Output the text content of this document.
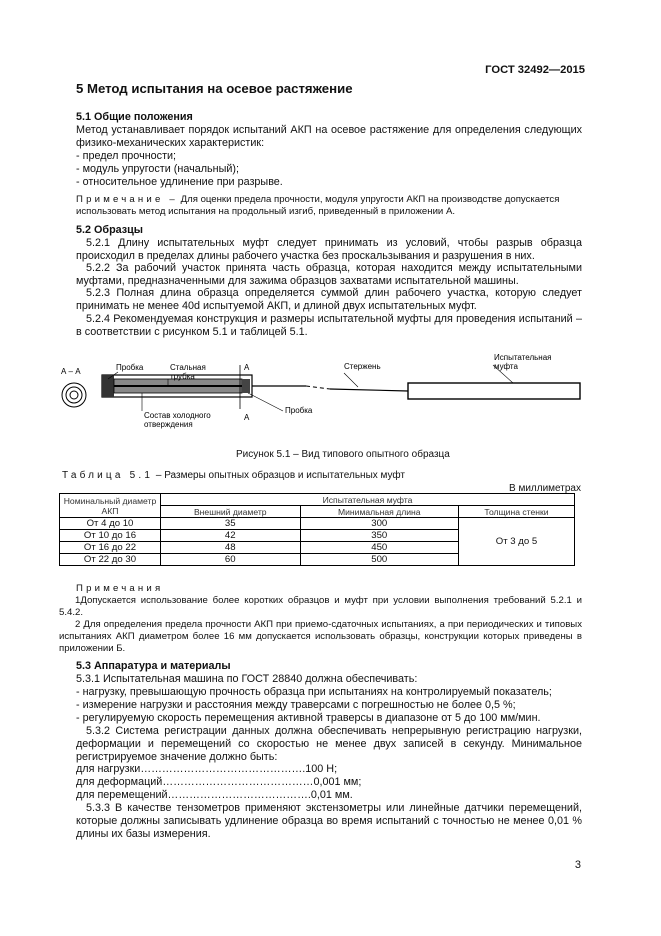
ГОСТ 32492—2015
5 Метод испытания на осевое растяжение
5.1 Общие положения
Метод устанавливает порядок испытаний АКП на осевое растяжение для определения следующих физико-механических характеристик:
- предел прочности;
- модуль упругости (начальный);
- относительное удлинение при разрыве.
Примечание – Для оценки предела прочности, модуля упругости АКП на производстве допускается использовать метод испытания на продольный изгиб, приведенный в приложении А.
5.2 Образцы
5.2.1 Длину испытательных муфт следует принимать из условий, чтобы разрыв образца происходил в пределах длины рабочего участка без проскальзывания и разрушения в них.
5.2.2 За рабочий участок принята часть образца, которая находится между испытательными муфтами, предназначенными для зажима образцов захватами испытательной машины.
5.2.3 Полная длина образца определяется суммой длин рабочего участка, которую следует принимать не менее 40d испытуемой АКП, и длиной двух испытательных муфт.
5.2.4 Рекомендуемая конструкция и размеры испытательной муфты для проведения испытаний – в соответствии с рисунком 5.1 и таблицей 5.1.
А – А	А
А
Пробка	Стальная
трубка
Состав холодного
отверждения
Пробка
Стержень
Испытательная
муфта
Рисунок 5.1 – Вид типового опытного образца
Таблица 5.1 – Размеры опытных образцов и испытательных муфт
В миллиметрах
Номинальный диаметр АКП	Испытательная муфта		
	Внешний диаметр	Минимальная длина	Толщина стенки
От 4 до 10	35	300	От 3 до 5
От 10 до 16	42	350	
От 16 до 22	48	450	
От 22 до 30	60	500	
Примечания
1Допускается использование более коротких образцов и муфт при условии выполнения требований 5.2.1 и 5.4.2.
2 Для определения предела прочности АКП при приемо-сдаточных испытаниях, а при периодических и типовых испытаниях АКП диаметром более 16 мм допускается использовать образцы, конструкции которых приведены в приложении Б.
5.3 Аппаратура и материалы
5.3.1 Испытательная машина по ГОСТ 28840 должна обеспечивать:
- нагрузку, превышающую прочность образца при испытаниях на контролируемый показатель;
- измерение нагрузки и расстояния между траверсами с погрешностью не более 0,5 %;
- регулируемую скорость перемещения активной траверсы в диапазоне от 5 до 100 мм/мин.
5.3.2 Система регистрации данных должна обеспечивать непрерывную регистрацию нагрузки, деформации и перемещений со скоростью не менее двух записей в секунду. Минимальное регистрируемое значение должно быть:
для нагрузки……………………………………….100 Н;
для деформаций……………………………………0,001 мм;
для перемещений………………………………….0,01 мм.
5.3.3 В качестве тензометров применяют экстензометры или линейные датчики перемещений, которые должны записывать удлинение образца во время испытаний с точностью не менее 0,01 % длины их базы измерения.
3
